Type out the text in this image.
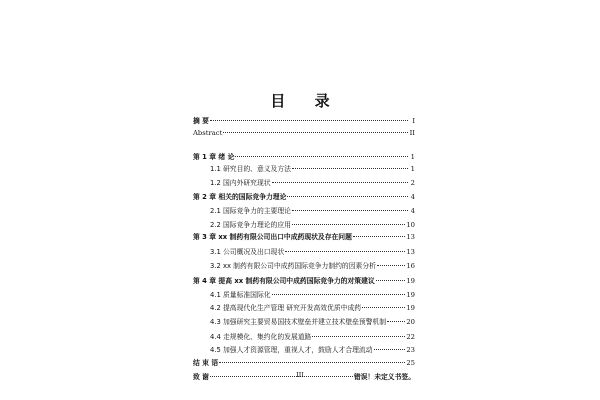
目 录
摘 要	I
Abstract	II
第 1 章 绪 论	1
1.1 研究目的、意义及方法	1
1.2 国内外研究现状	2
第 2 章 相关的国际竞争力理论	4
2.1 国际竞争力的主要理论	4
2.2 国际竞争力理论的应用	10
第 3 章 xx 制药有限公司出口中成药现状及存在问题	13
3.1 公司概况及出口现状	13
3.2 xx 制药有限公司中成药国际竞争力制约的因素分析	16
第 4 章 提高 xx 制药有限公司中成药国际竞争力的对策建议	19
4.1 质量标准国际化	19
4.2 提高现代化生产管理 研究开发高效优质中成药	19
4.3 加强研究主要贸易国技术壁垒并建立技术壁垒预警机制	20
4.4 走规模化、集约化的发展道路	22
4.5 加强人才资源管理，重视人才，鼓励人才合理流动	23
结 束 语	25
致 谢	错误！未定义书签。
III
